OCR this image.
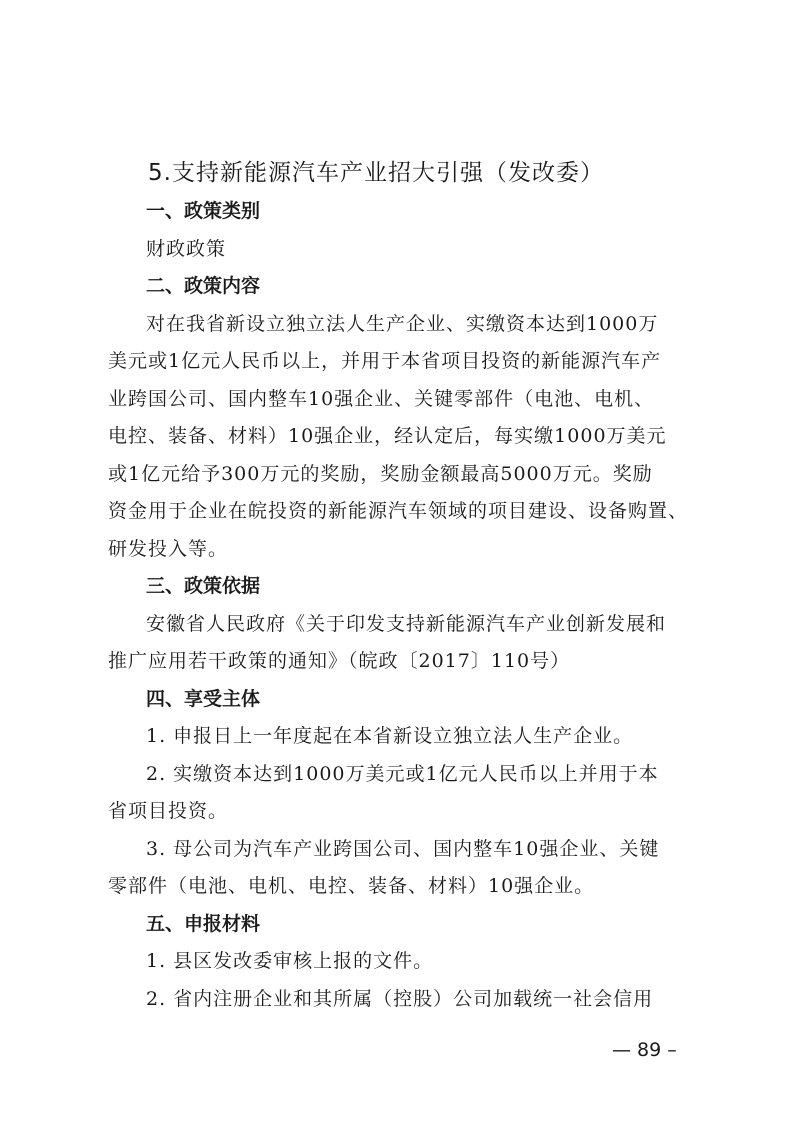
5.支持新能源汽车产业招大引强（发改委）
一、政策类别
财政政策
二、政策内容
对在我省新设立独立法人生产企业、实缴资本达到1000万
美元或1亿元人民币以上，并用于本省项目投资的新能源汽车产
业跨国公司、国内整车10强企业、关键零部件（电池、电机、
电控、装备、材料）10强企业，经认定后，每实缴1000万美元
或1亿元给予300万元的奖励，奖励金额最高5000万元。奖励
资金用于企业在皖投资的新能源汽车领域的项目建设、设备购置、
研发投入等。
三、政策依据
安徽省人民政府《关于印发支持新能源汽车产业创新发展和
推广应用若干政策的通知》（皖政〔2017〕110号）
四、享受主体
1. 申报日上一年度起在本省新设立独立法人生产企业。
2. 实缴资本达到1000万美元或1亿元人民币以上并用于本
省项目投资。
3. 母公司为汽车产业跨国公司、国内整车10强企业、关键
零部件（电池、电机、电控、装备、材料）10强企业。
五、申报材料
1. 县区发改委审核上报的文件。
2. 省内注册企业和其所属（控股）公司加载统一社会信用
— 89 –
